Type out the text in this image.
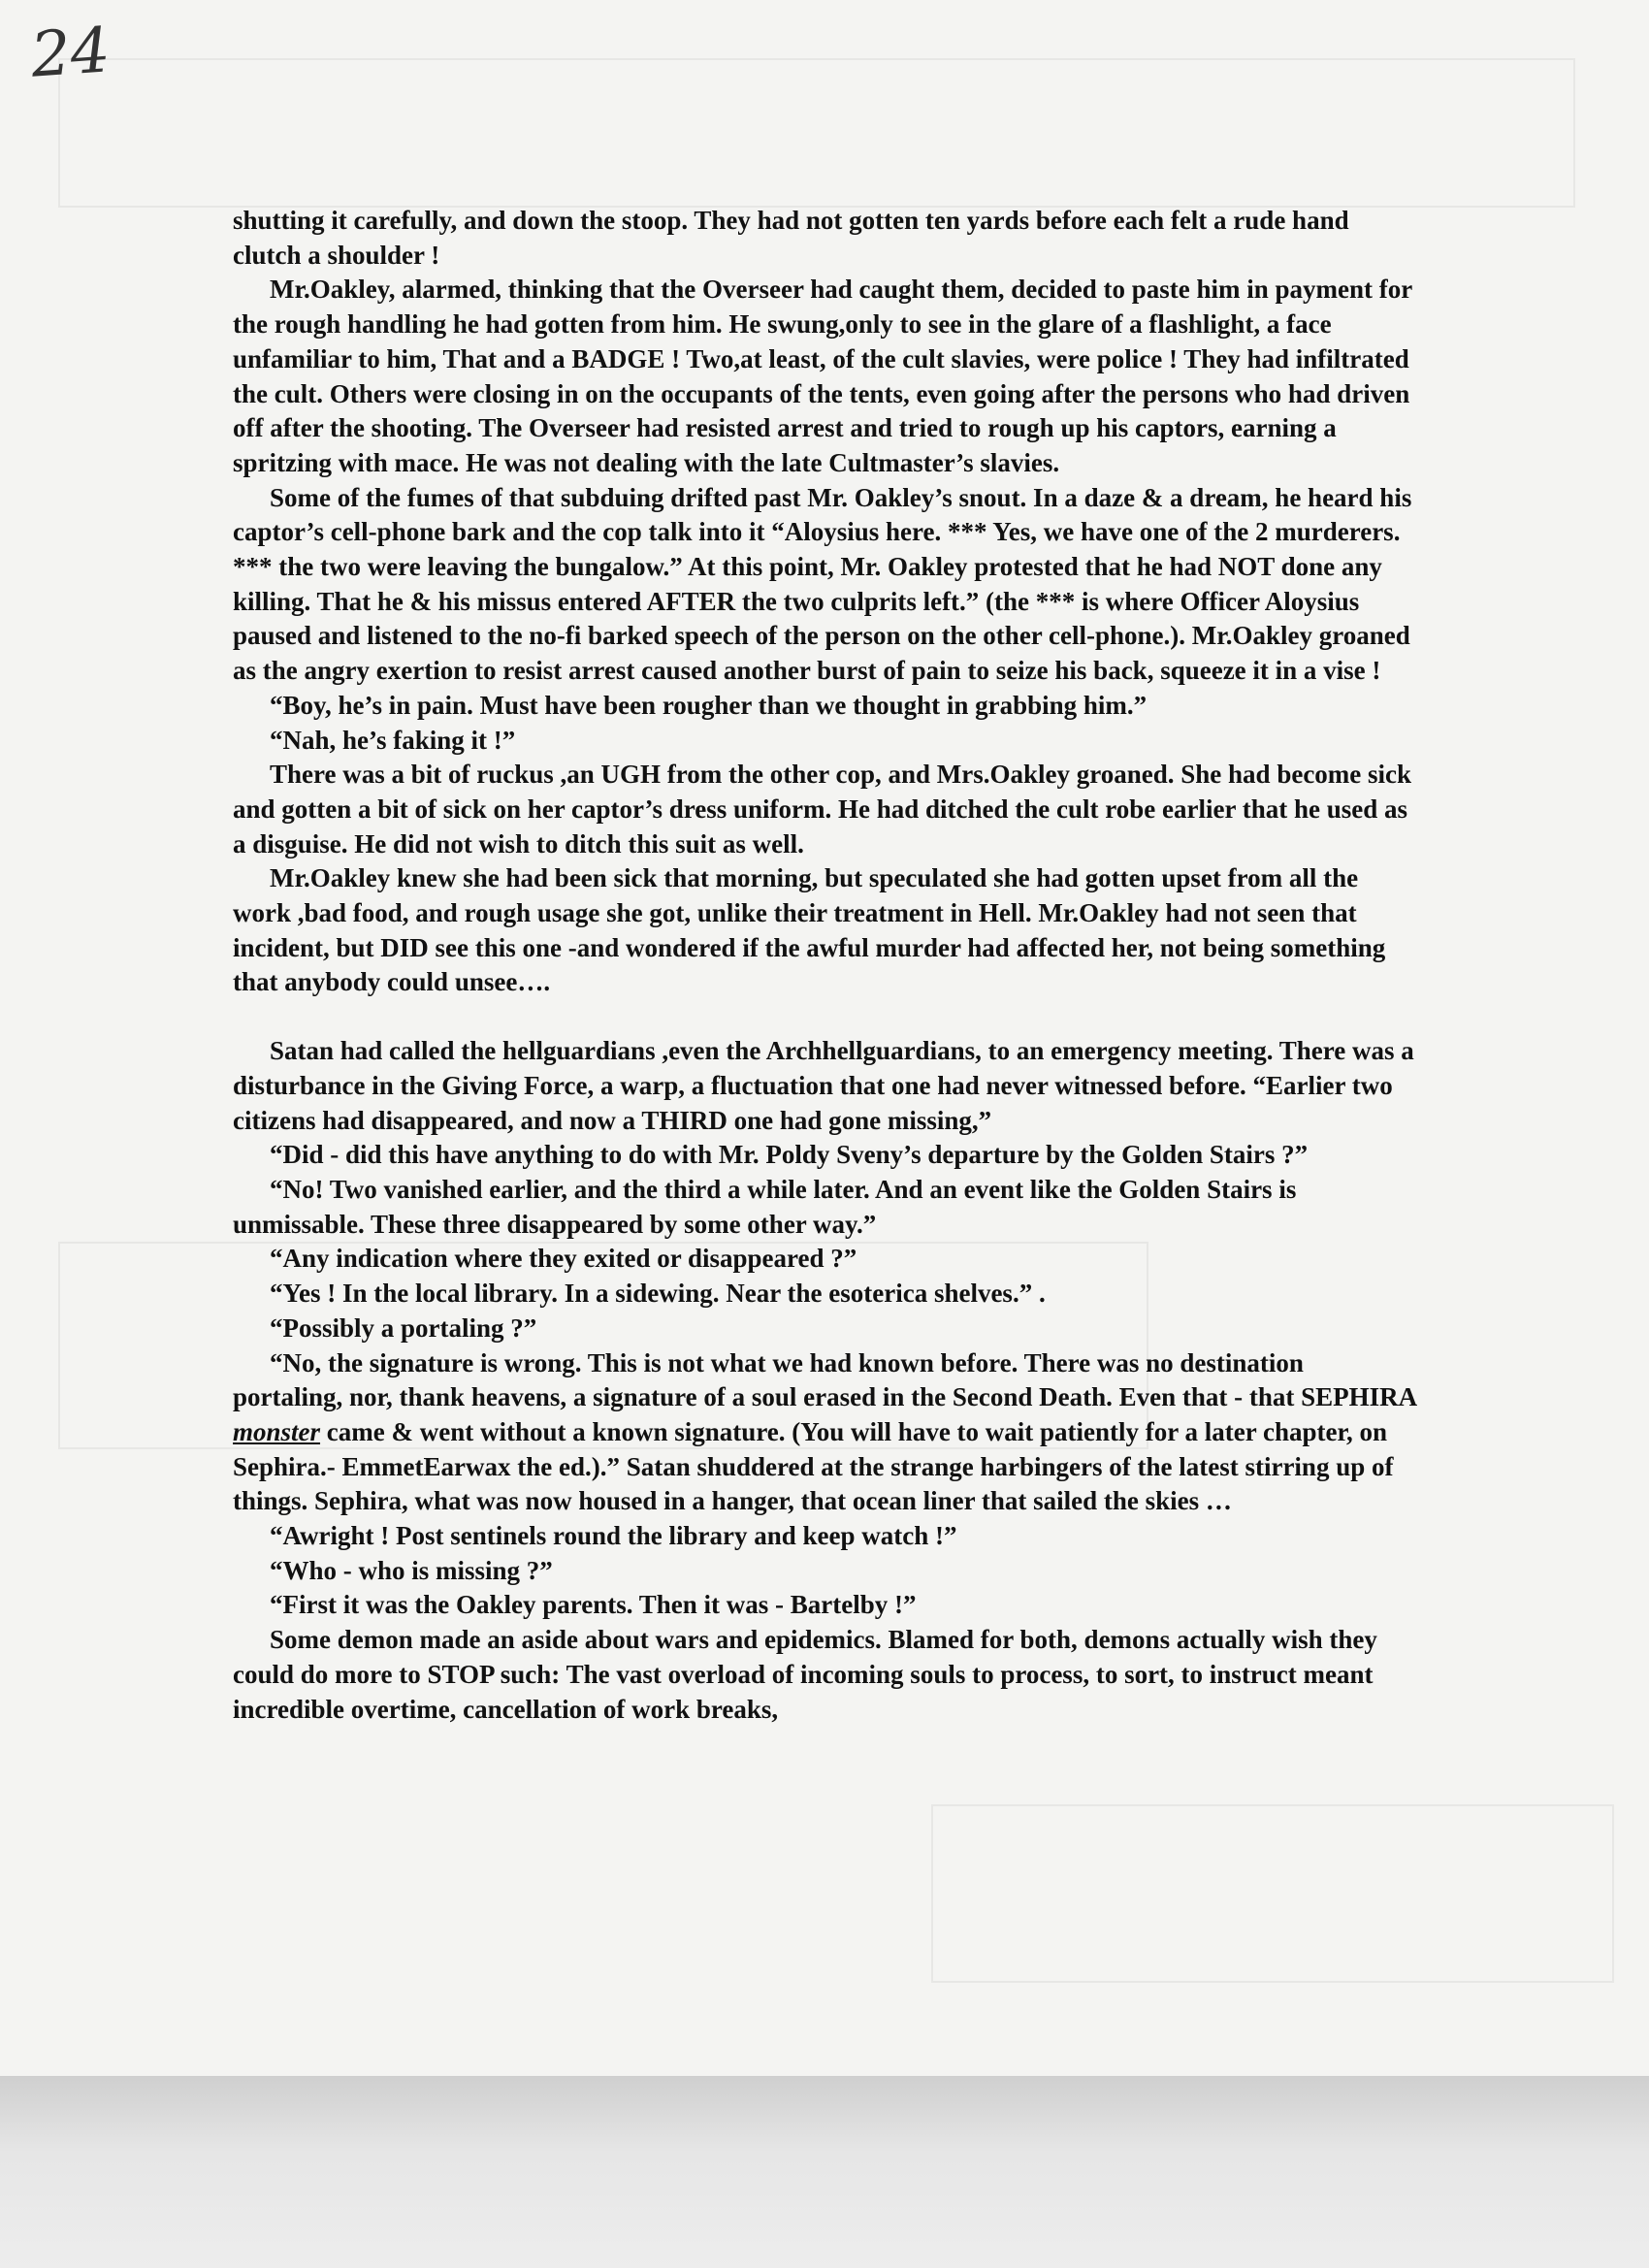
24

shutting it carefully, and down the stoop. They had not gotten ten yards before each felt a rude hand clutch a shoulder !

Mr.Oakley, alarmed, thinking that the Overseer had caught them, decided to paste him in payment for the rough handling he had gotten from him. He swung,only to see in the glare of a flashlight, a face unfamiliar to him, That and a BADGE ! Two,at least, of the cult slavies, were police ! They had infiltrated the cult. Others were closing in on the occupants of the tents, even going after the persons who had driven off after the shooting. The Overseer had resisted arrest and tried to rough up his captors, earning a spritzing with mace. He was not dealing with the late Cultmaster’s slavies.

Some of the fumes of that subduing drifted past Mr. Oakley’s snout. In a daze & a dream, he heard his captor’s cell-phone bark and the cop talk into it “Aloysius here. *** Yes, we have one of the 2 murderers. *** the two were leaving the bungalow.” At this point, Mr. Oakley protested that he had NOT done any killing. That he & his missus entered AFTER the two culprits left.” (the *** is where Officer Aloysius paused and listened to the no-fi barked speech of the person on the other cell-phone.). Mr.Oakley groaned as the angry exertion to resist arrest caused another burst of pain to seize his back, squeeze it in a vise !

“Boy, he’s in pain. Must have been rougher than we thought in grabbing him.”

“Nah, he’s faking it !”

There was a bit of ruckus ,an UGH from the other cop, and Mrs.Oakley groaned. She had become sick and gotten a bit of sick on her captor’s dress uniform. He had ditched the cult robe earlier that he used as a disguise. He did not wish to ditch this suit as well.

Mr.Oakley knew she had been sick that morning, but speculated she had gotten upset from all the work ,bad food, and rough usage she got, unlike their treatment in Hell. Mr.Oakley had not seen that incident, but DID see this one -and wondered if the awful murder had affected her, not being something that anybody could unsee….

Satan had called the hellguardians ,even the Archhellguardians, to an emergency meeting. There was a disturbance in the Giving Force, a warp, a fluctuation that one had never witnessed before. “Earlier two citizens had disappeared, and now a THIRD one had gone missing,”

“Did - did this have anything to do with Mr. Poldy Sveny’s departure by the Golden Stairs ?”

“No! Two vanished earlier, and the third a while later. And an event like the Golden Stairs is unmissable. These three disappeared by some other way.”

“Any indication where they exited or disappeared ?”

“Yes ! In the local library. In a sidewing. Near the esoterica shelves.” .

“Possibly a portaling ?”

“No, the signature is wrong. This is not what we had known before. There was no destination portaling, nor, thank heavens, a signature of a soul erased in the Second Death. Even that - that SEPHIRA monster came & went without a known signature. (You will have to wait patiently for a later chapter, on Sephira.- EmmetEarwax the ed.).” Satan shuddered at the strange harbingers of the latest stirring up of things. Sephira, what was now housed in a hanger, that ocean liner that sailed the skies …

“Awright ! Post sentinels round the library and keep watch !”

“Who - who is missing ?”

“First it was the Oakley parents. Then it was - Bartelby !”

Some demon made an aside about wars and epidemics. Blamed for both, demons actually wish they could do more to STOP such: The vast overload of incoming souls to process, to sort, to instruct meant incredible overtime, cancellation of work breaks,
